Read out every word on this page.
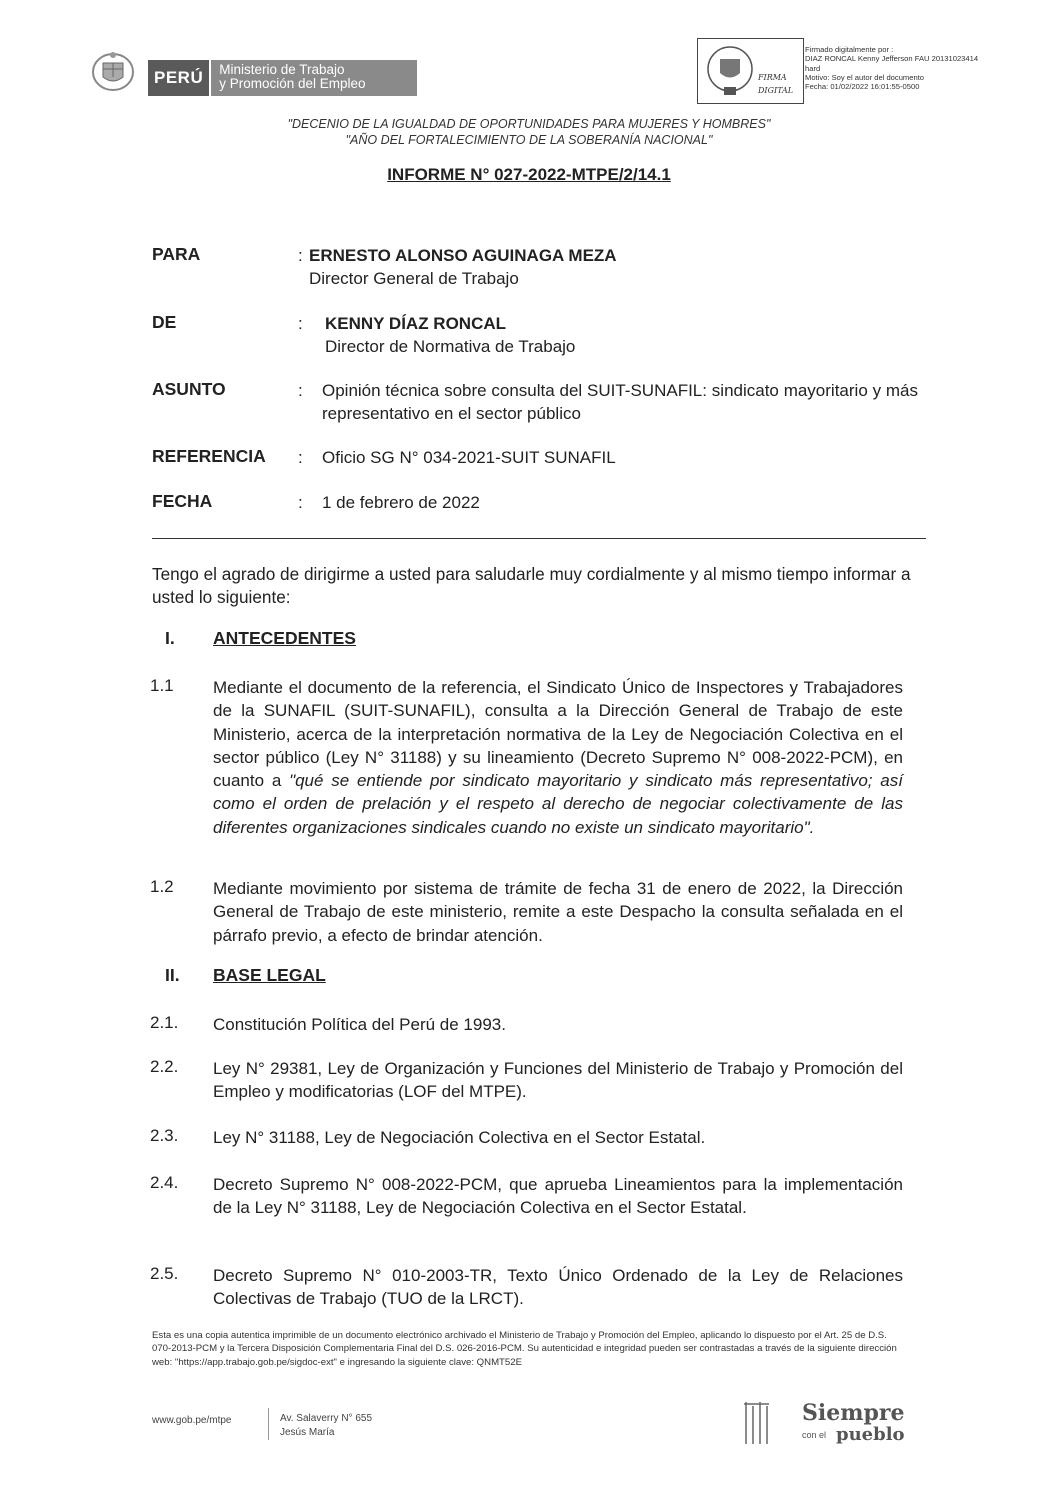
PERÚ	Ministerio de Trabajo
y Promoción del Empleo	FIRMA
DIGITAL
Firmado digitalmente por :
DIAZ RONCAL Kenny Jefferson FAU 20131023414
hard
Motivo: Soy el autor del documento
Fecha: 01/02/2022 16:01:55-0500
"DECENIO DE LA IGUALDAD DE OPORTUNIDADES PARA MUJERES Y HOMBRES"
"AÑO DEL FORTALECIMIENTO DE LA SOBERANÍA NACIONAL"
INFORME N° 027-2022-MTPE/2/14.1
PARA	: ERNESTO ALONSO AGUINAGA MEZA
Director General de Trabajo
DE	: KENNY DÍAZ RONCAL
Director de Normativa de Trabajo
ASUNTO	: Opinión técnica sobre consulta del SUIT-SUNAFIL: sindicato mayoritario y más representativo en el sector público
REFERENCIA : Oficio SG N° 034-2021-SUIT SUNAFIL
FECHA	: 1 de febrero de 2022
Tengo el agrado de dirigirme a usted para saludarle muy cordialmente y al mismo tiempo informar a usted lo siguiente:
I. ANTECEDENTES
1.1 Mediante el documento de la referencia, el Sindicato Único de Inspectores y Trabajadores de la SUNAFIL (SUIT-SUNAFIL), consulta a la Dirección General de Trabajo de este Ministerio, acerca de la interpretación normativa de la Ley de Negociación Colectiva en el sector público (Ley N° 31188) y su lineamiento (Decreto Supremo N° 008-2022-PCM), en cuanto a "qué se entiende por sindicato mayoritario y sindicato más representativo; así como el orden de prelación y el respeto al derecho de negociar colectivamente de las diferentes organizaciones sindicales cuando no existe un sindicato mayoritario".
1.2 Mediante movimiento por sistema de trámite de fecha 31 de enero de 2022, la Dirección General de Trabajo de este ministerio, remite a este Despacho la consulta señalada en el párrafo previo, a efecto de brindar atención.
II. BASE LEGAL
2.1. Constitución Política del Perú de 1993.
2.2. Ley N° 29381, Ley de Organización y Funciones del Ministerio de Trabajo y Promoción del Empleo y modificatorias (LOF del MTPE).
2.3. Ley N° 31188, Ley de Negociación Colectiva en el Sector Estatal.
2.4. Decreto Supremo N° 008-2022-PCM, que aprueba Lineamientos para la implementación de la Ley N° 31188, Ley de Negociación Colectiva en el Sector Estatal.
2.5. Decreto Supremo N° 010-2003-TR, Texto Único Ordenado de la Ley de Relaciones Colectivas de Trabajo (TUO de la LRCT).
Esta es una copia autentica imprimible de un documento electrónico archivado el Ministerio de Trabajo y Promoción del Empleo, aplicando lo dispuesto por el Art. 25 de D.S. 070-2013-PCM y la Tercera Disposición Complementaria Final del D.S. 026-2016-PCM. Su autenticidad e integridad pueden ser contrastadas a través de la siguiente dirección web: "https://app.trabajo.gob.pe/sigdoc-ext" e ingresando la siguiente clave: QNMT52E
www.gob.pe/mtpe	Av. Salaverry N° 655
Jesús María
Siempre
con el pueblo
